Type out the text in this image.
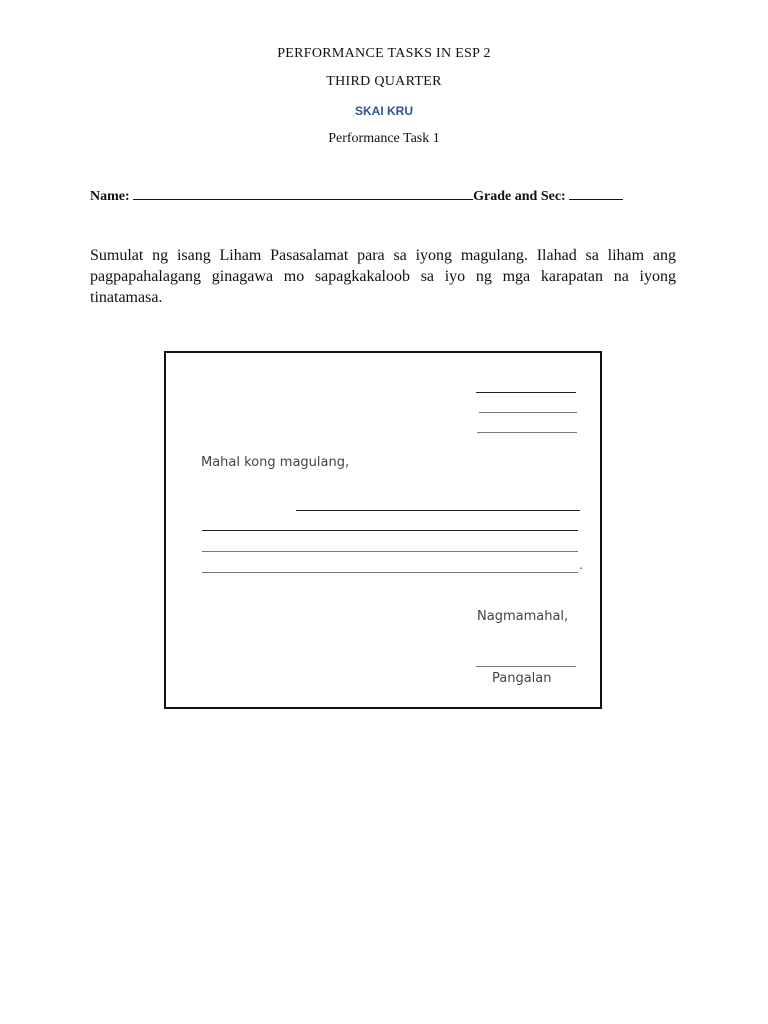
PERFORMANCE TASKS IN ESP 2
THIRD QUARTER
SKAI KRU
Performance Task 1
Name:	Grade and Sec:

Sumulat ng isang Liham Pasasalamat para sa iyong magulang. Ilahad sa liham ang pagpapahalagang ginagawa mo sapagkakaloob sa iyo ng mga karapatan na iyong tinatamasa.

Mahal kong magulang,
.
Nagmamahal,
Pangalan
